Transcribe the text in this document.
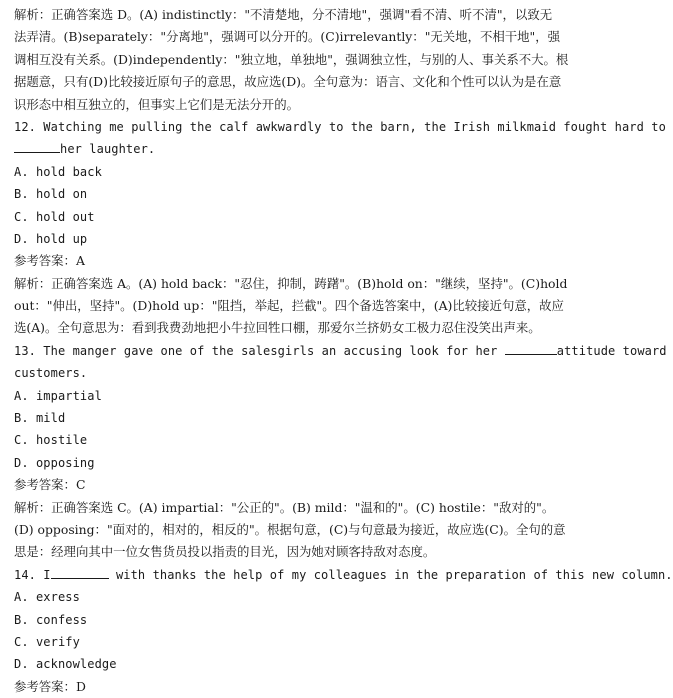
解析：正确答案选 D。(A) indistinctly："不清楚地，分不清地"，强调"看不清、听不清"，以致无
法弄清。(B)separately："分离地"，强调可以分开的。(C)irrelevantly："无关地，不相干地"，强
调相互没有关系。(D)independently："独立地，单独地"，强调独立性，与别的人、事关系不大。根
据题意，只有(D)比较接近原句子的意思，故应选(D)。全句意为：语言、文化和个性可以认为是在意
识形态中相互独立的，但事实上它们是无法分开的。
12. Watching me pulling the calf awkwardly to the barn, the Irish milkmaid fought hard to
her laughter.
A. hold back
B. hold on
C. hold out
D. hold up
参考答案：A
解析：正确答案选 A。(A) hold back："忍住，抑制，踌躇"。(B)hold on："继续，坚持"。(C)hold
out："伸出，坚持"。(D)hold up："阻挡，举起，拦截"。四个备选答案中，(A)比较接近句意，故应
选(A)。全句意思为：看到我费劲地把小牛拉回牲口棚，那爱尔兰挤奶女工极力忍住没笑出声来。
13. The manger gave one of the salesgirls an accusing look for her	attitude toward
customers.
A. impartial
B. mild
C. hostile
D. opposing
参考答案：C
解析：正确答案选 C。(A) impartial："公正的"。(B) mild："温和的"。(C) hostile："敌对的"。
(D) opposing："面对的，相对的，相反的"。根据句意，(C)与句意最为接近，故应选(C)。全句的意
思是：经理向其中一位女售货员投以指责的目光，因为她对顾客持敌对态度。
14. I	with thanks the help of my colleagues in the preparation of this new column.
A. exress
B. confess
C. verify
D. acknowledge
参考答案：D
